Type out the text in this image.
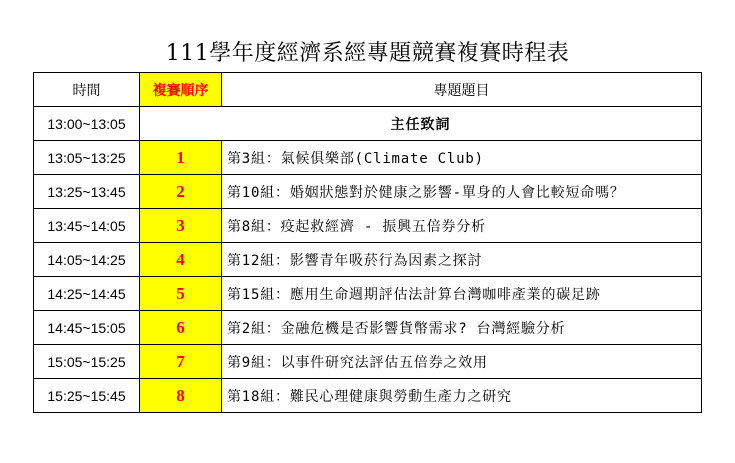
111學年度經濟系經專題競賽複賽時程表
時間	複賽順序	專題題目
13:00~13:05	主任致詞	
13:05~13:25	1	第3組：氣候俱樂部(Climate Club)
13:25~13:45	2	第10組：婚姻狀態對於健康之影響-單身的人會比較短命嗎？
13:45~14:05	3	第8組：疫起救經濟 - 振興五倍券分析
14:05~14:25	4	第12組：影響青年吸菸行為因素之探討
14:25~14:45	5	第15組：應用生命週期評估法計算台灣咖啡產業的碳足跡
14:45~15:05	6	第2組：金融危機是否影響貨幣需求? 台灣經驗分析
15:05~15:25	7	第9組：以事件研究法評估五倍券之效用
15:25~15:45	8	第18組：難民心理健康與勞動生產力之研究
